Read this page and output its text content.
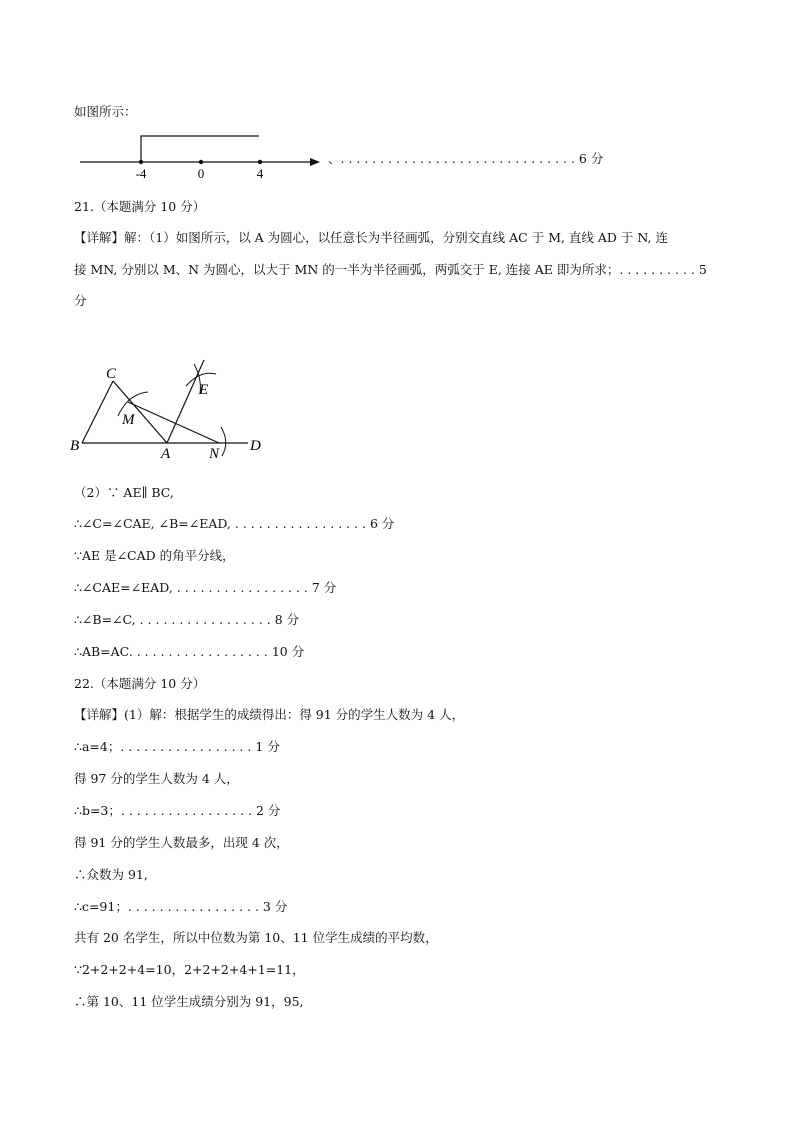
如图所示：
-4	0	4
、. . . . . . . . . . . . . . . . . . . . . . . . . . . . . . 6 分
21.（本题满分 10 分）
【详解】解：（1）如图所示，以 A 为圆心，以任意长为半径画弧，分别交直线 AC 于 M, 直线 AD 于 N, 连
接 MN, 分别以 M、N 为圆心，以大于 MN 的一半为半径画弧，两弧交于 E, 连接 AE 即为所求；. . . . . . . . . . 5
分
B
C
M
E
A	N D
（2）∵ AE∥ BC,
∴∠C=∠CAE, ∠B=∠EAD, . . . . . . . . . . . . . . . . . 6 分
∵AE 是∠CAD 的角平分线，
∴∠CAE=∠EAD, . . . . . . . . . . . . . . . . . 7 分
∴∠B=∠C, . . . . . . . . . . . . . . . . . 8 分
∴AB=AC. . . . . . . . . . . . . . . . . . 10 分
22.（本题满分 10 分）
【详解】(1）解：根据学生的成绩得出：得 91 分的学生人数为 4 人，
∴a=4；. . . . . . . . . . . . . . . . . 1 分
得 97 分的学生人数为 4 人，
∴b=3；. . . . . . . . . . . . . . . . . 2 分
得 91 分的学生人数最多，出现 4 次，
∴众数为 91,
∴c=91；. . . . . . . . . . . . . . . . . 3 分
共有 20 名学生，所以中位数为第 10、11 位学生成绩的平均数，
∵2+2+2+4=10，2+2+2+4+1=11，
∴第 10、11 位学生成绩分别为 91，95,
